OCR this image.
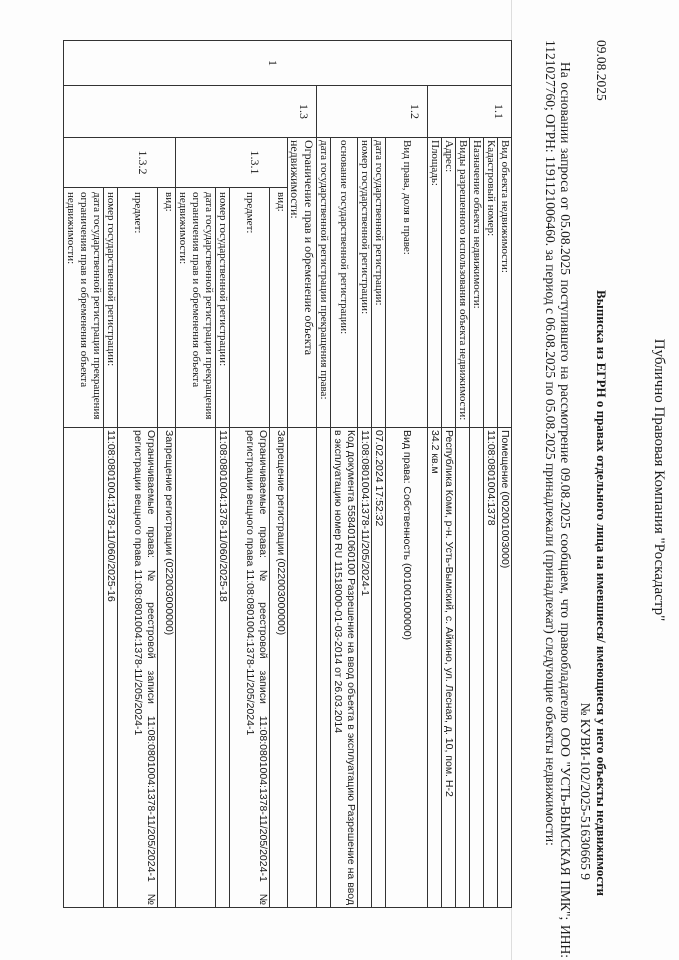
Публично Правовая Компания "Роскадастр"
09.08.2025
Выписка из ЕГРН о правах отдельного лица на имевшиеся/ имеющиеся у него объекты недвижимости
№ КУВИ-102/2025-51630665 9
На основании запроса от 05.08.2025 поступившего на рассмотрение 09.08.2025 сообщаем, что правообладателю ООО "УСТЬ-ВЫМСКАЯ ПМК"; ИНН: 1121027760; ОГРН: 1191121006460. за период с 06.08.2025 по 05.08.2025 принадлежали (принадлежат) следующие объекты недвижимости:
1	1.1	Вид объекта недвижимости:		Помещение (002001003000)
		Кадастровый номер:		11:08:0801004:1378
		Назначение объекта недвижимости:		
		Виды разрешенного использования объекта недвижимости:		
		Адрес:		Республика Коми, р-н. Усть-Вымский, с. Айкино, ул. Лесная, д. 10, пом. Н-2
		Площадь:		34.2 кв.м
	1.2	Вид права, доля в праве:		Вид права: Собственность (001001000000)
		дата государственной регистрации:		07.02.2024 17:52:32
		номер государственной регистрации:		11:08:0801004:1378-11/205/2024-1
		основание государственной регистрации:		Код документа 558401060100 Разрешение на ввод объекта в эксплуатацию Разрешение на ввод в эксплуатацию номер RU 11518000-01-03-2014 от 26.03.2014
		дата государственной регистрации прекращения права:		
	1.3	Ограничение прав и обременение объекта недвижимости:		
		1.3.1	вид:	Запрещение регистрации (022003000000)
			предмет:	Ограничиваемые права: № реестровой записи 11:08:0801004:1378-11/205/2024-1 № регистрации вещного права 11:08:0801004:1378-11/205/2024-1
			номер государственной регистрации:	11:08:0801004:1378-11/060/2025-18
			дата государственной регистрации прекращения ограничения прав и обременения объекта недвижимости:	
		1.3.2	вид:	Запрещение регистрации (022003000000)
			предмет:	Ограничиваемые права: № реестровой записи 11:08:0801004:1378-11/205/2024-1 № регистрации вещного права 11:08:0801004:1378-11/205/2024-1
			номер государственной регистрации:	11:08:0801004:1378-11/060/2025-16
			дата государственной регистрации прекращения ограничения прав и обременения объекта недвижимости:	
